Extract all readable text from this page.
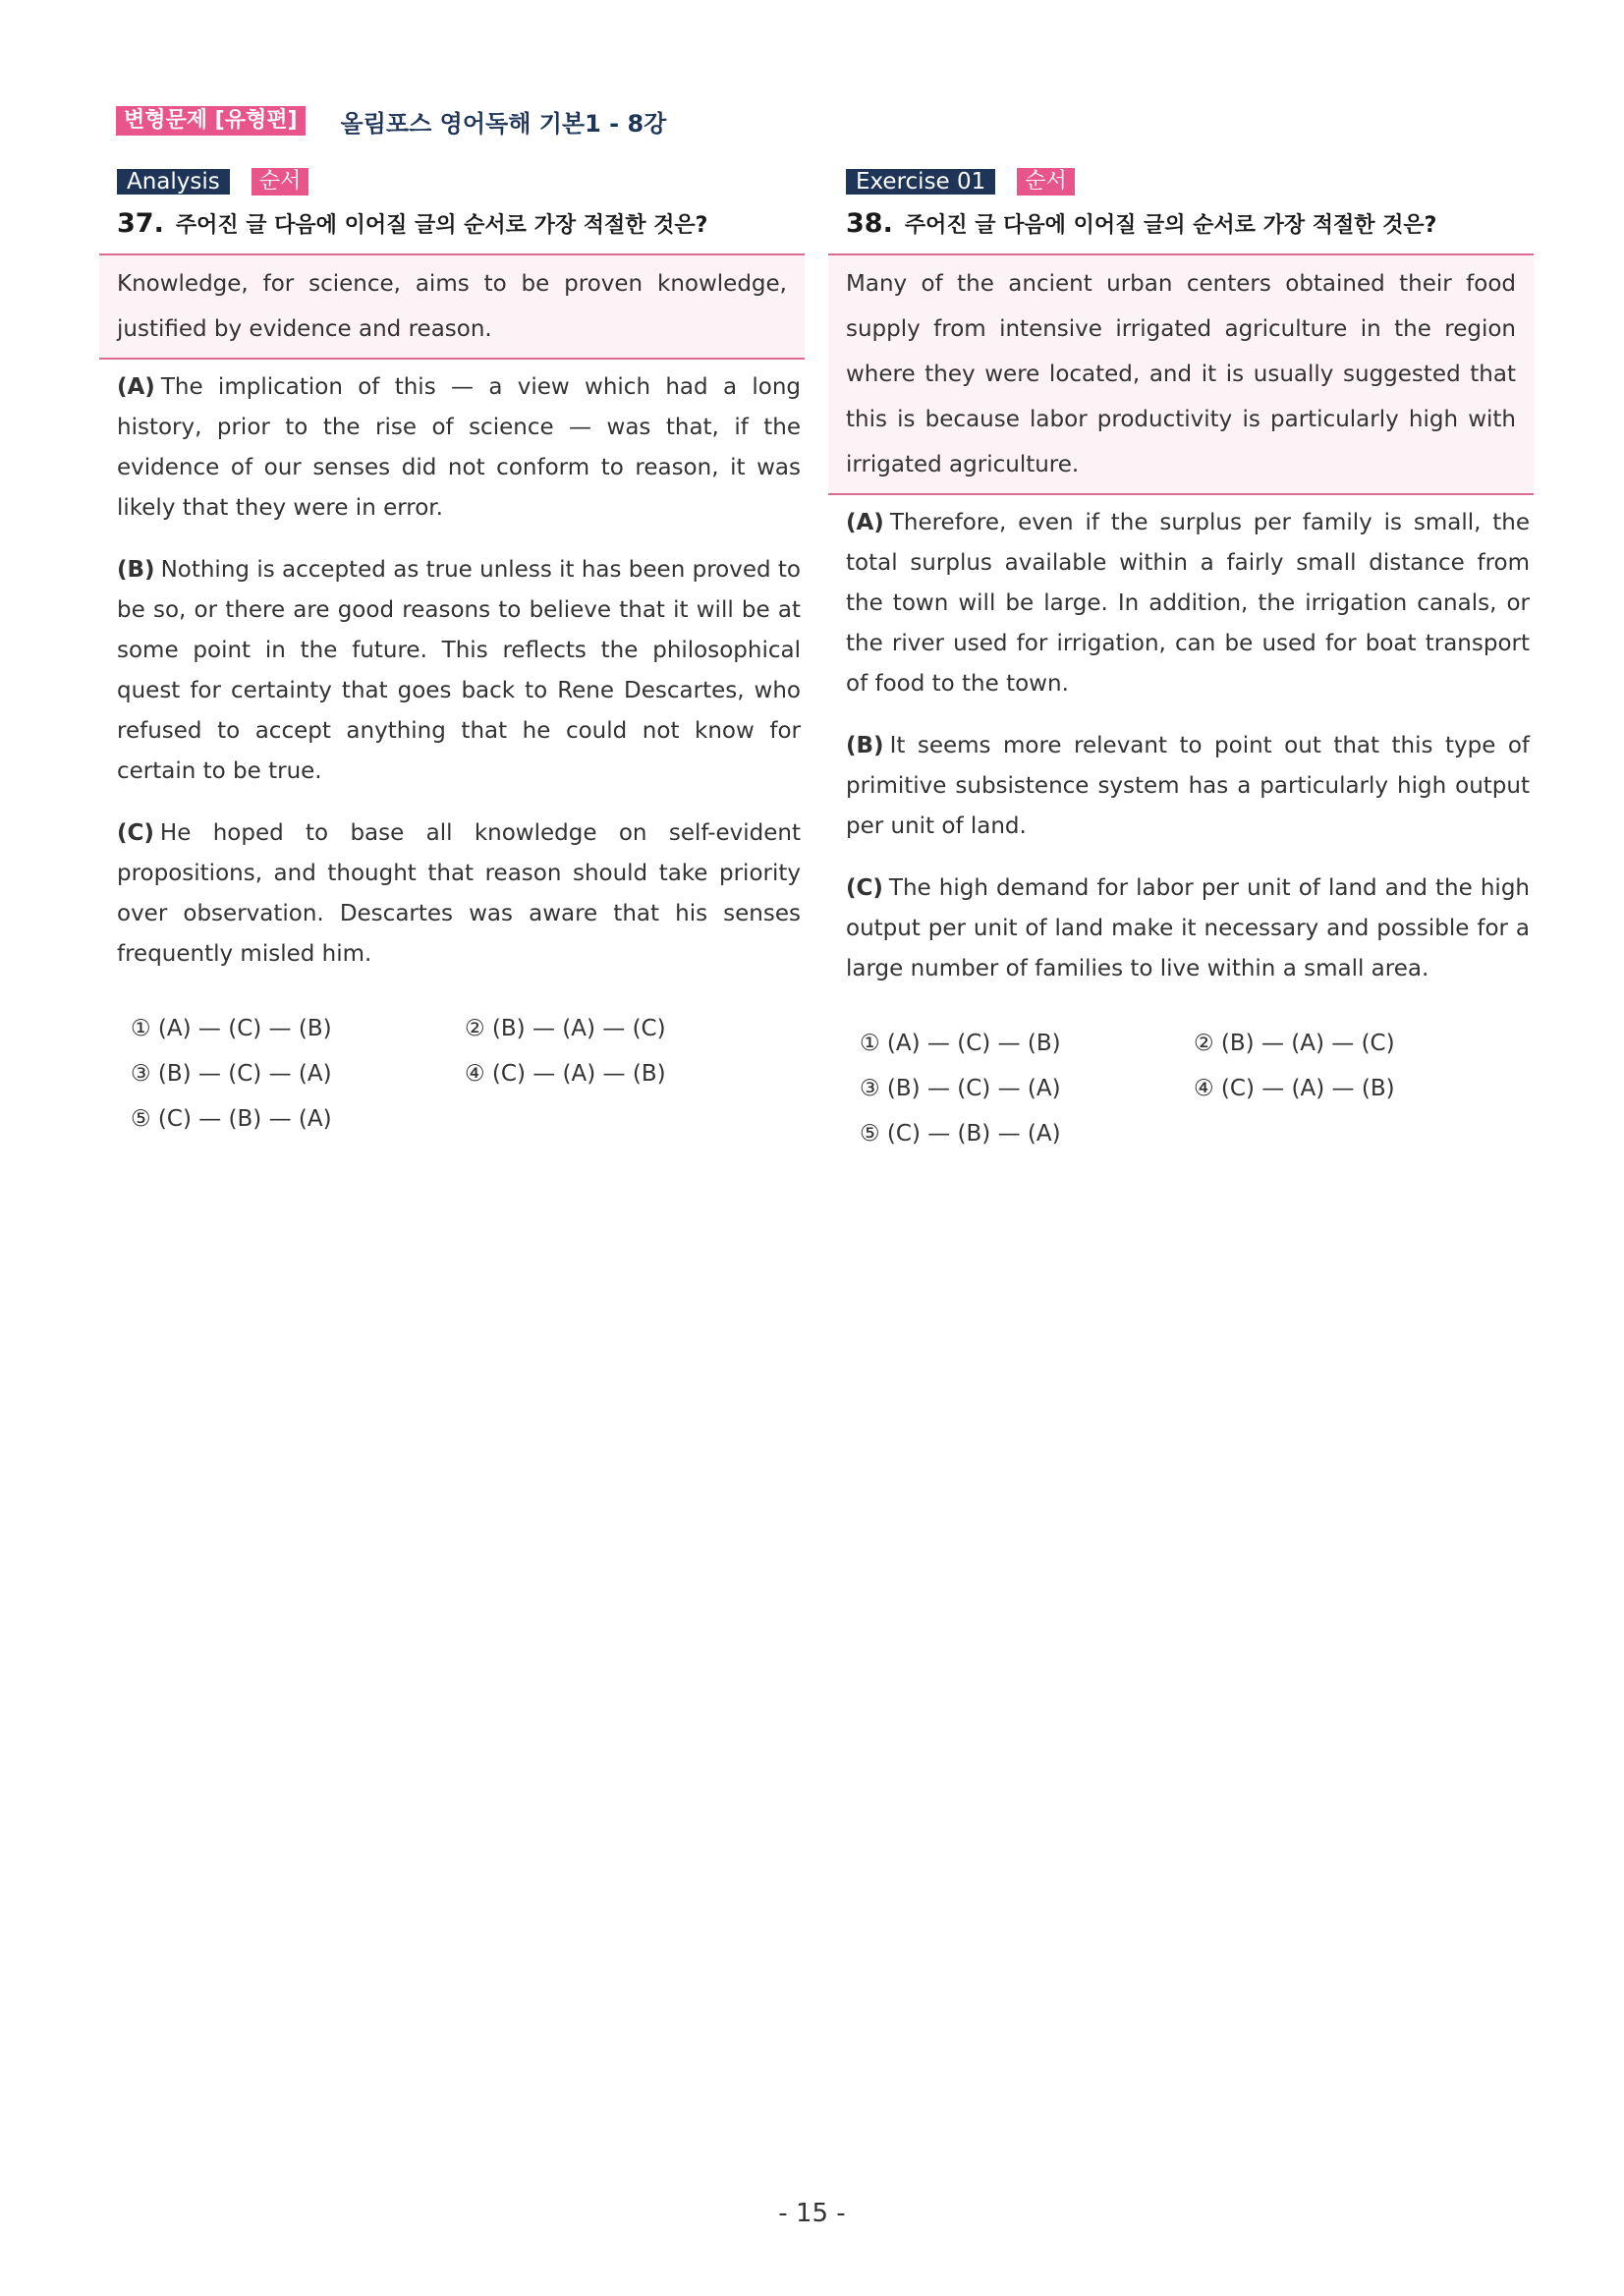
변형문제 [유형편]	올림포스 영어독해 기본1 - 8강
Analysis	순서
37. 주어진 글 다음에 이어질 글의 순서로 가장 적절한 것은?
Knowledge, for science, aims to be proven knowledge, justified by evidence and reason.

(A) The implication of this — a view which had a long history, prior to the rise of science — was that, if the evidence of our senses did not conform to reason, it was likely that they were in error.

(B) Nothing is accepted as true unless it has been proved to be so, or there are good reasons to believe that it will be at some point in the future. This reflects the philosophical quest for certainty that goes back to Rene Descartes, who refused to accept anything that he could not know for certain to be true.

(C) He hoped to base all knowledge on self-evident propositions, and thought that reason should take priority over observation. Descartes was aware that his senses frequently misled him.

① (A) — (C) — (B)	② (B) — (A) — (C)
③ (B) — (C) — (A)	④ (C) — (A) — (B)
⑤ (C) — (B) — (A)
Exercise 01	순서
38. 주어진 글 다음에 이어질 글의 순서로 가장 적절한 것은?
Many of the ancient urban centers obtained their food supply from intensive irrigated agriculture in the region where they were located, and it is usually suggested that this is because labor productivity is particularly high with irrigated agriculture.

(A) Therefore, even if the surplus per family is small, the total surplus available within a fairly small distance from the town will be large. In addition, the irrigation canals, or the river used for irrigation, can be used for boat transport of food to the town.

(B) It seems more relevant to point out that this type of primitive subsistence system has a particularly high output per unit of land.

(C) The high demand for labor per unit of land and the high output per unit of land make it necessary and possible for a large number of families to live within a small area.

① (A) — (C) — (B)	② (B) — (A) — (C)
③ (B) — (C) — (A)	④ (C) — (A) — (B)
⑤ (C) — (B) — (A)
- 15 -
